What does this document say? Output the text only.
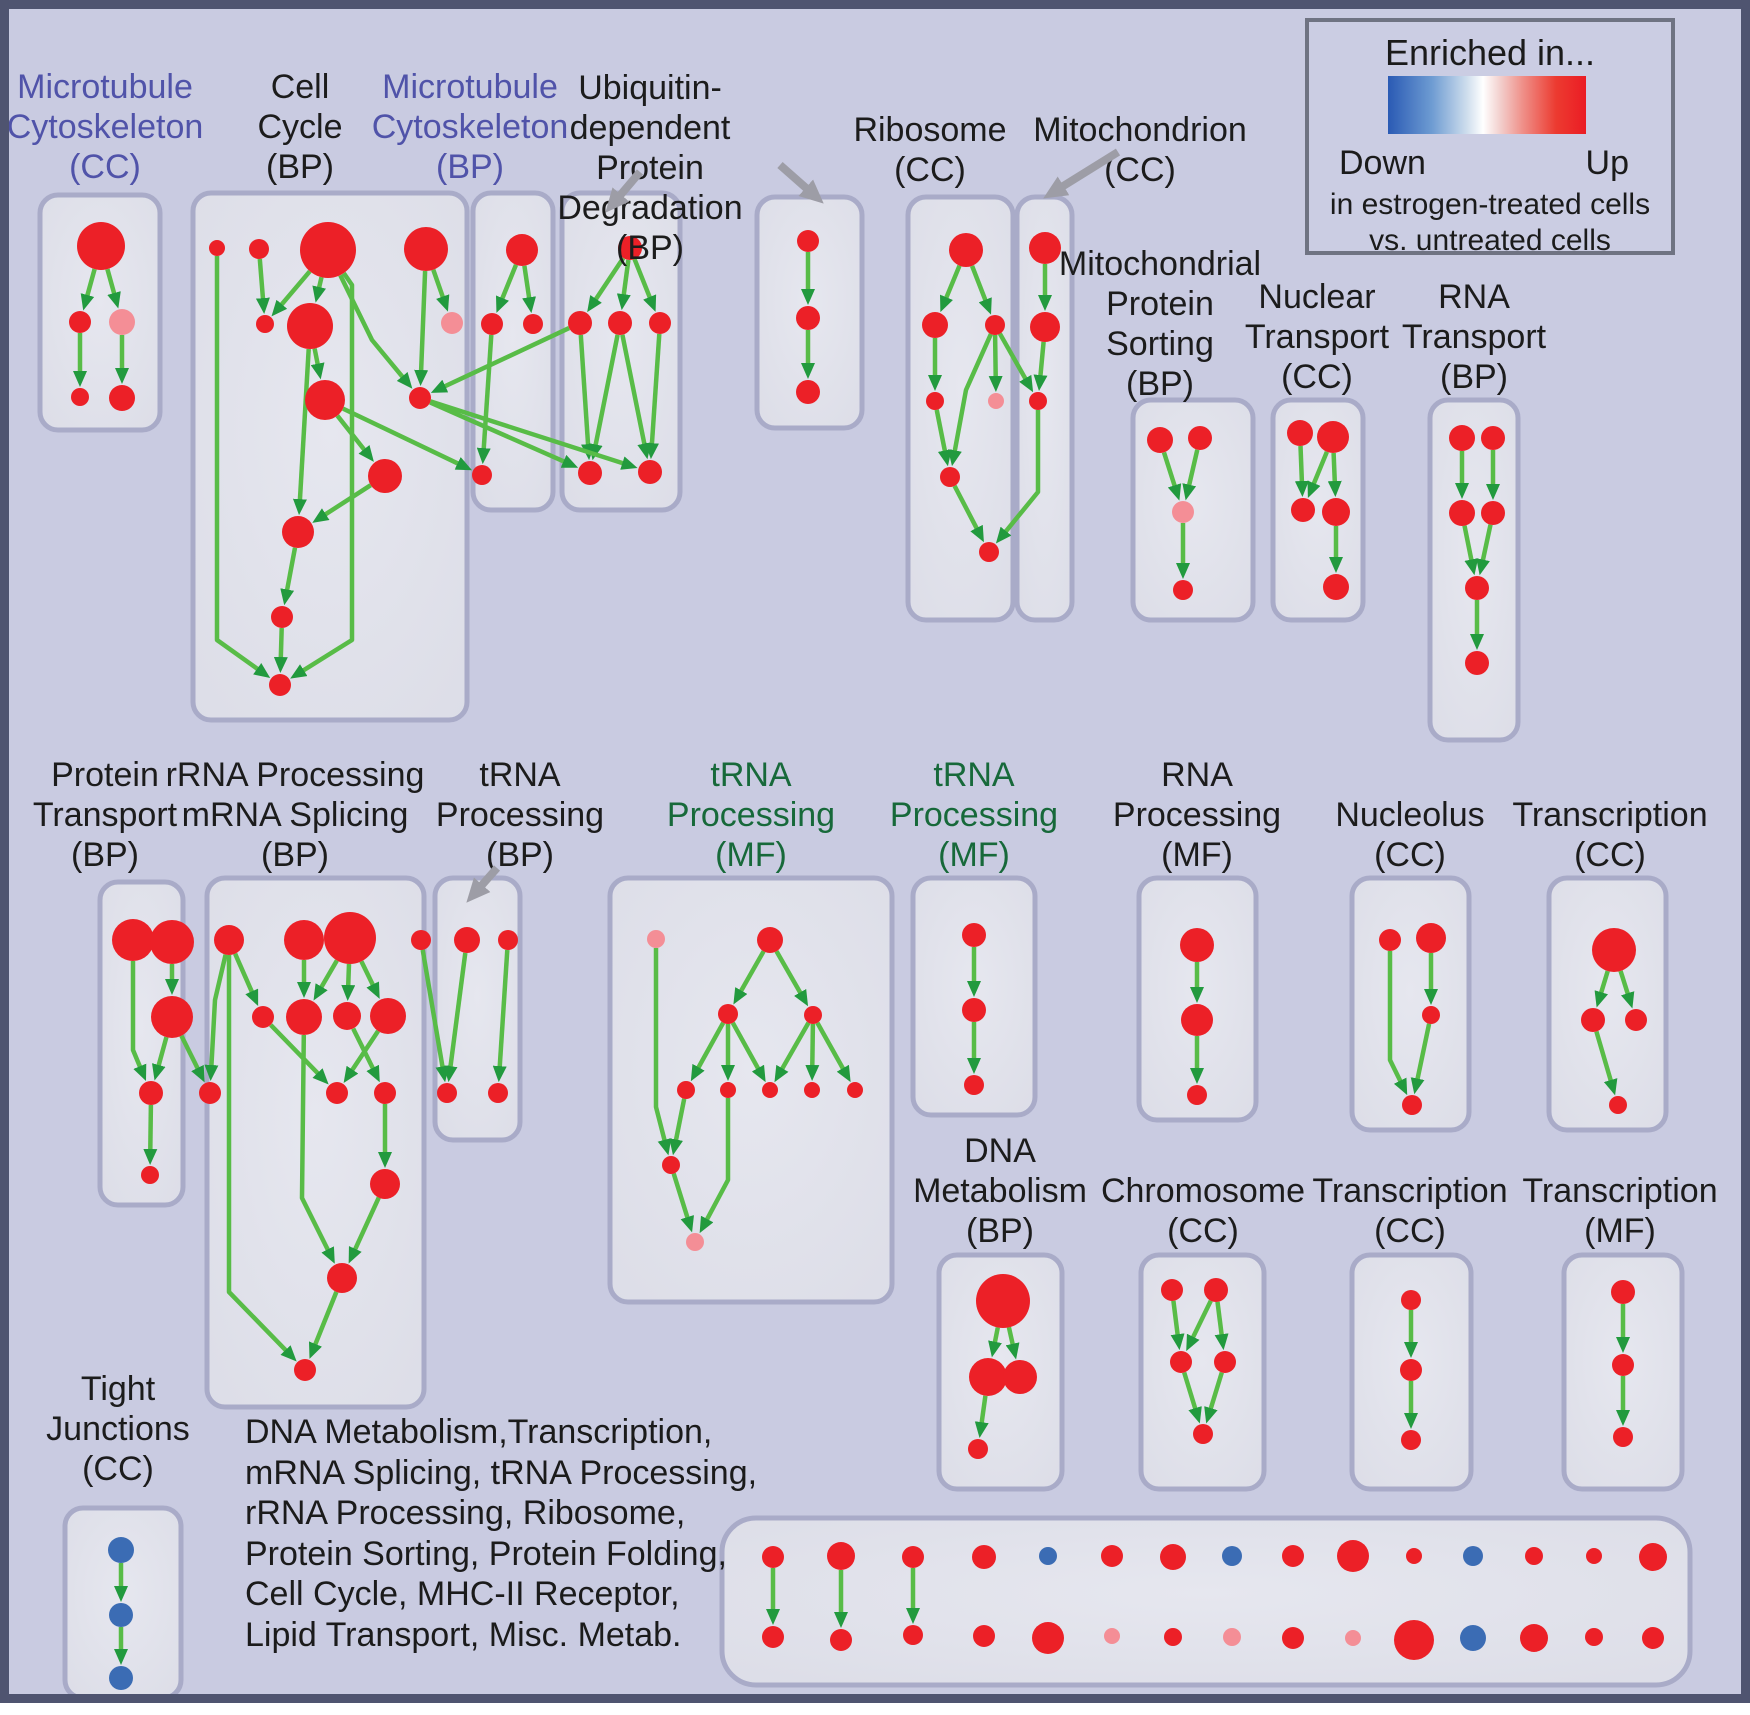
Microtubule
Cytoskeleton
(CC)
Cell
Cycle
(BP)
Microtubule
Cytoskeleton
(BP)
Ribosome
(CC)
Mitochondrion
(CC)
Mitochondrial
Protein
Sorting
(BP)
Nuclear
Transport
(CC)
RNA
Transport
(BP)
Protein
Transport
(BP)
rRNA Processing
mRNA Splicing
(BP)
tRNA
Processing
(BP)
tRNA
Processing
(MF)
tRNA
Processing
(MF)
RNA
Processing
(MF)
Nucleolus
(CC)
Transcription
(CC)
DNA
Metabolism
(BP)
Chromosome
(CC)
Transcription
(CC)
Transcription
(MF)
Tight
Junctions
(CC)
Ubiquitin-
dependent
Protein
Degradation
(BP)
Enriched in...
Down	Up
in estrogen-treated cells
vs. untreated cells
DNA Metabolism,Transcription,
mRNA Splicing, tRNA Processing,
rRNA Processing, Ribosome,
Protein Sorting, Protein Folding,
Cell Cycle, MHC-II Receptor,
Lipid Transport, Misc. Metab.
